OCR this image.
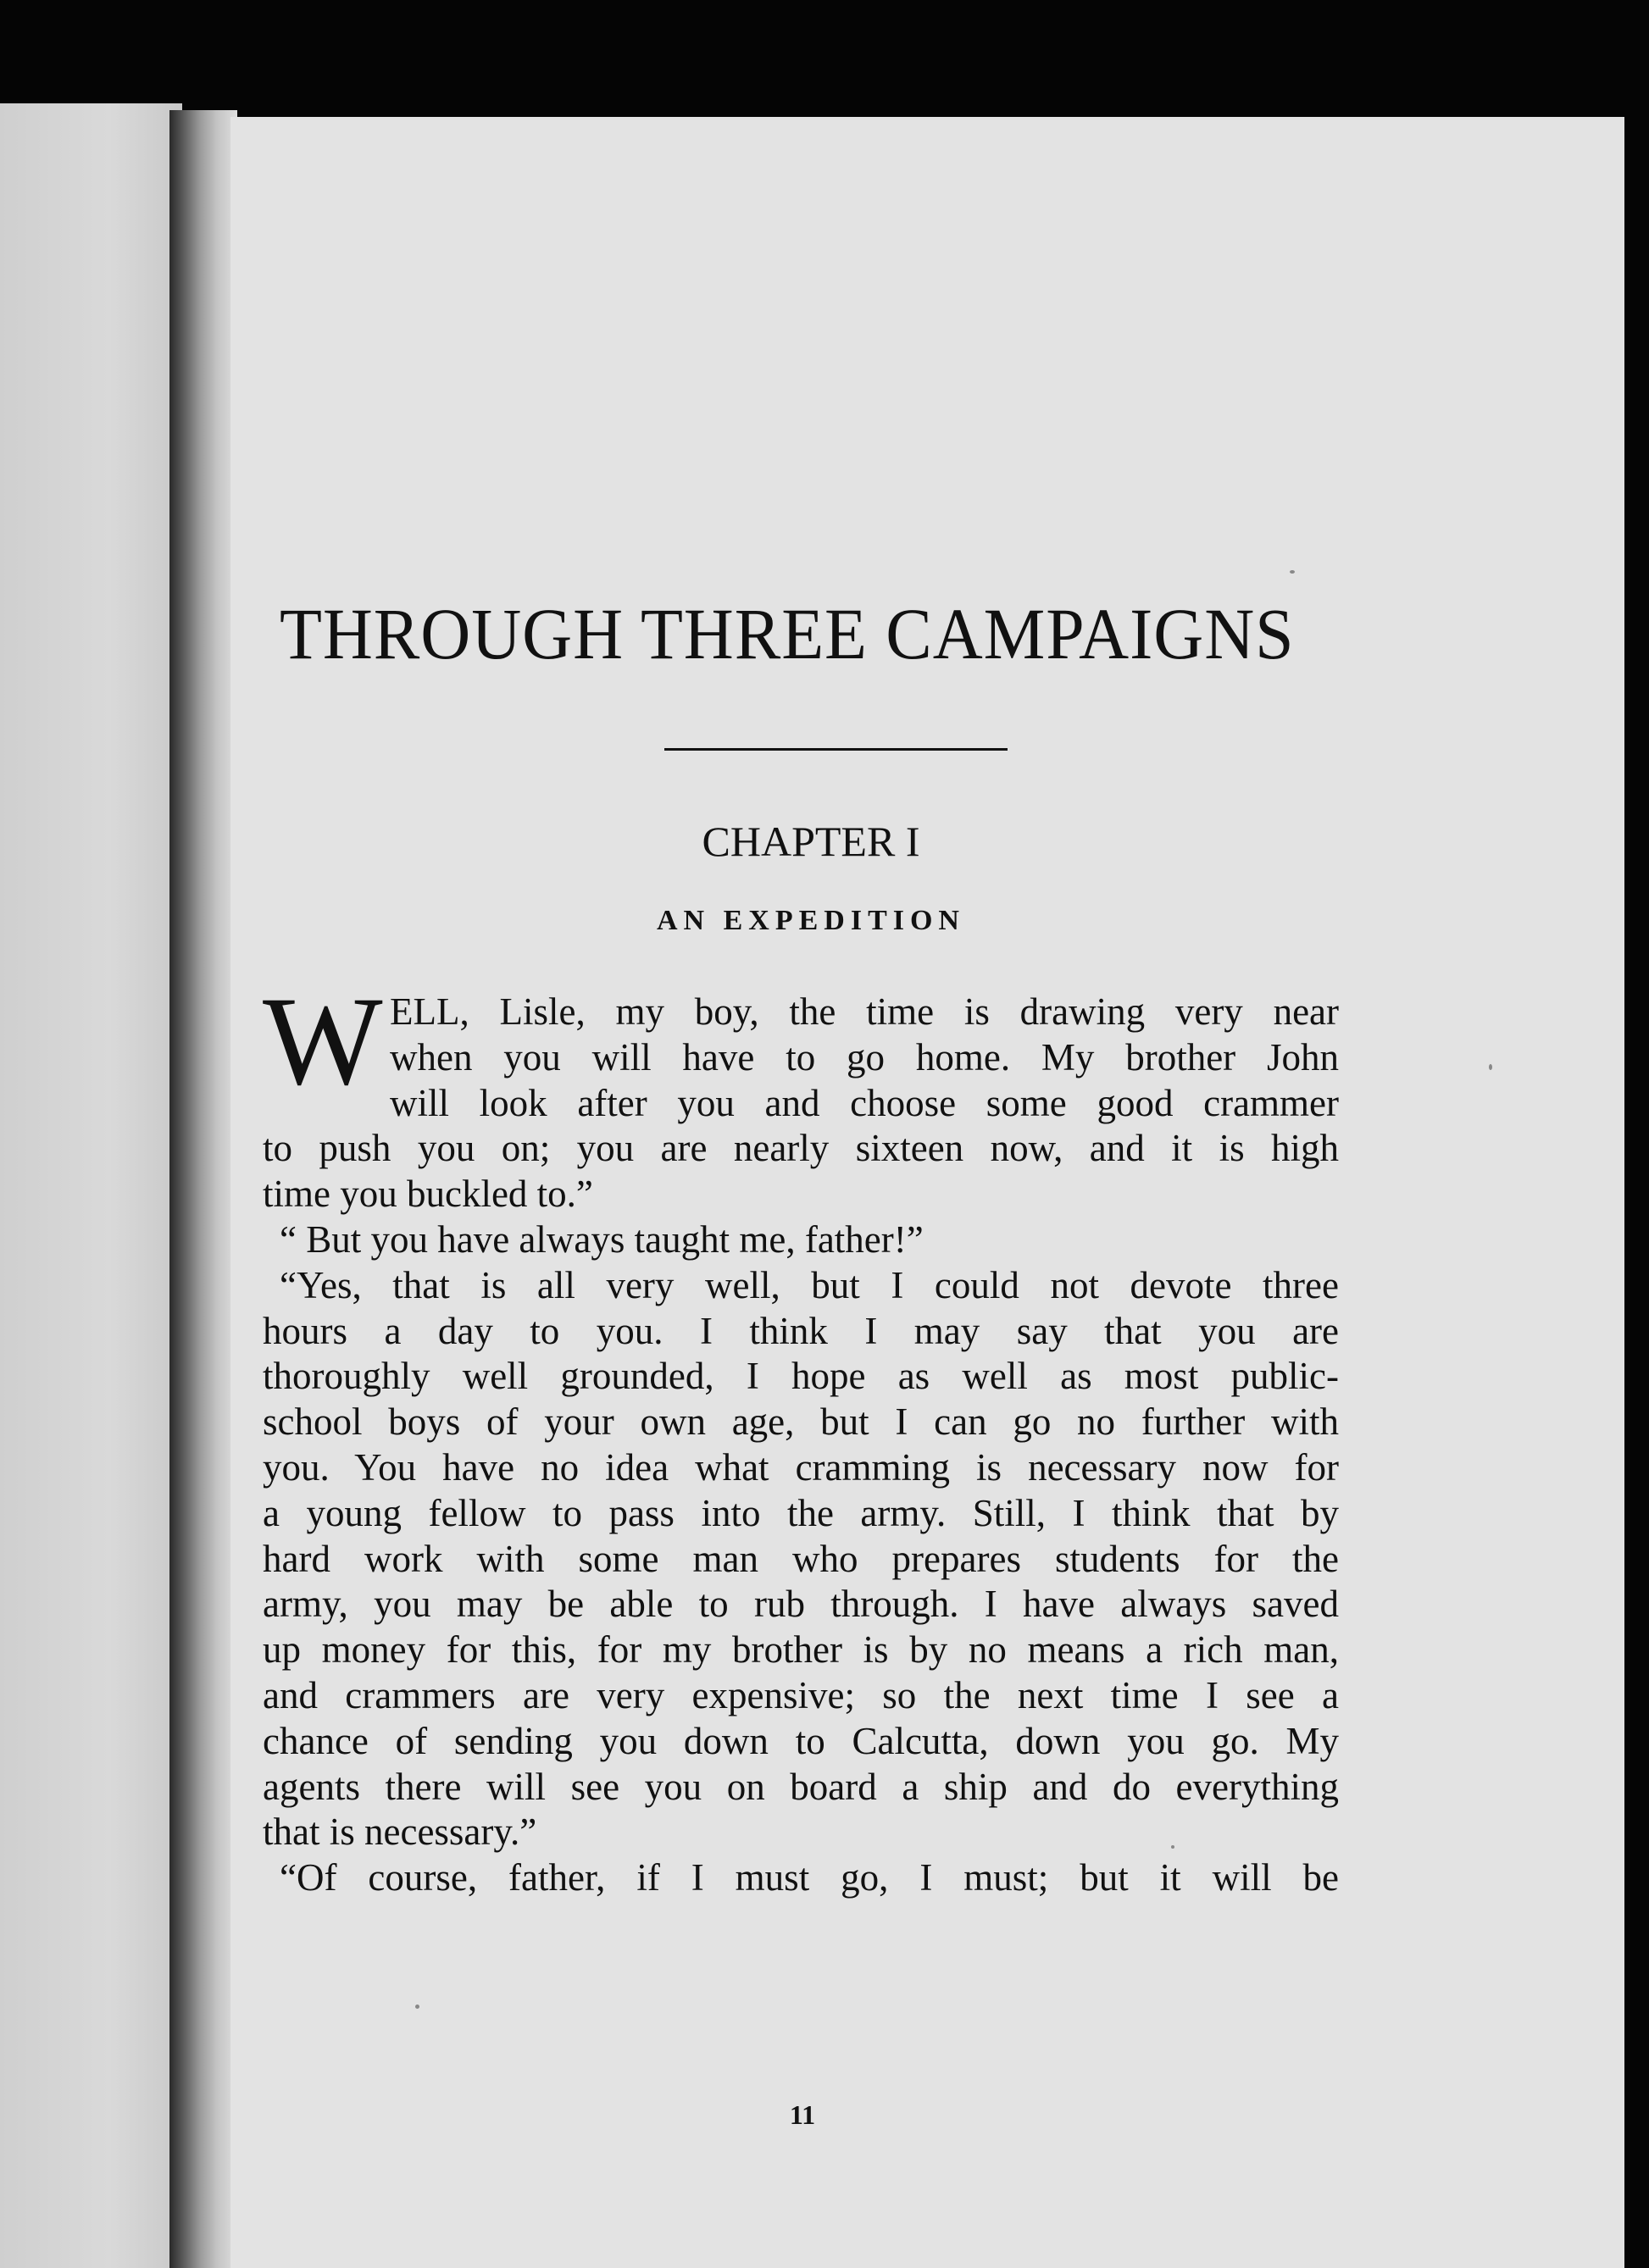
THROUGH THREE CAMPAIGNS
CHAPTER I
AN EXPEDITION
W ELL, Lisle, my boy, the time is drawing very near
when you will have to go home. My brother John
will look after you and choose some good crammer
to push you on; you are nearly sixteen now, and it is high
time you buckled to.”
“ But you have always taught me, father!”
“Yes, that is all very well, but I could not devote three
hours a day to you. I think I may say that you are
thoroughly well grounded, I hope as well as most public-
school boys of your own age, but I can go no further with
you. You have no idea what cramming is necessary now for
a young fellow to pass into the army. Still, I think that by
hard work with some man who prepares students for the
army, you may be able to rub through. I have always saved
up money for this, for my brother is by no means a rich man,
and crammers are very expensive; so the next time I see a
chance of sending you down to Calcutta, down you go. My
agents there will see you on board a ship and do everything
that is necessary.”
“Of course, father, if I must go, I must; but it will be
11
